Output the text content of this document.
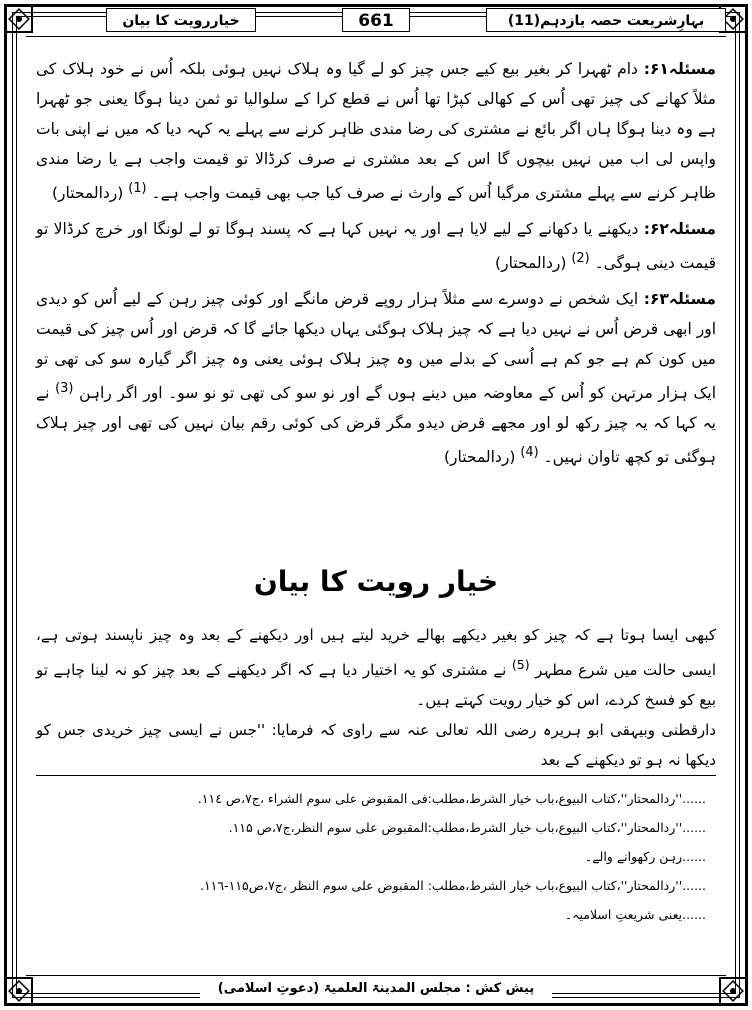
بہارِشریعت حصہ یازدہم(11)
661
خیاررویت کا بیان

مسئلہ۶۱: دام ٹھہرا کر بغیر بیع کیے جس چیز کو لے گیا وہ ہلاک نہیں ہوئی بلکہ اُس نے خود ہلاک کی مثلاً کھانے کی چیز تھی اُس کے کھالی کپڑا تھا اُس نے قطع کرا کے سلوالیا تو ثمن دینا ہوگا یعنی جو ٹھہرا ہے وہ دینا ہوگا ہاں اگر بائع نے مشتری کی رضا مندی ظاہر کرنے سے پہلے یہ کہہ دیا کہ میں نے اپنی بات واپس لی اب میں نہیں بیچوں گا اس کے بعد مشتری نے صرف کرڈالا تو قیمت واجب ہے یا رضا مندی ظاہر کرنے سے پہلے مشتری مرگیا اُس کے وارث نے صرف کیا جب بھی قیمت واجب ہے۔ $^{(1)}$ (ردالمحتار)

مسئلہ۶۲: دیکھنے یا دکھانے کے لیے لایا ہے اور یہ نہیں کہا ہے کہ پسند ہوگا تو لے لونگا اور خرچ کرڈالا تو قیمت دینی ہوگی۔ $^{(2)}$ (ردالمحتار)

مسئلہ۶۳: ایک شخص نے دوسرے سے مثلاً ہزار روپے قرض مانگے اور کوئی چیز رہن کے لیے اُس کو دیدی اور ابھی قرض اُس نے نہیں دیا ہے کہ چیز ہلاک ہوگئی یہاں دیکھا جائے گا کہ قرض اور اُس چیز کی قیمت میں کون کم ہے جو کم ہے اُسی کے بدلے میں وہ چیز ہلاک ہوئی یعنی وہ چیز اگر گیارہ سو کی تھی تو ایک ہزار مرتہن کو اُس کے معاوضہ میں دینے ہوں گے اور نو سو کی تھی تو نو سو۔ اور اگر راہن $^{(3)}$ نے یہ کہا کہ یہ چیز رکھ لو اور مجھے قرض دیدو مگر قرض کی کوئی رقم بیان نہیں کی تھی اور چیز ہلاک ہوگئی تو کچھ تاوان نہیں۔ $^{(4)}$ (ردالمحتار)

خیار رویت کا بیان

کبھی ایسا ہوتا ہے کہ چیز کو بغیر دیکھے بھالے خرید لیتے ہیں اور دیکھنے کے بعد وہ چیز ناپسند ہوتی ہے، ایسی حالت میں شرع مطہر $^{(5)}$ نے مشتری کو یہ اختیار دیا ہے کہ اگر دیکھنے کے بعد چیز کو نہ لینا چاہے تو بیع کو فسخ کردے، اس کو خیار رویت کہتے ہیں۔

دارقطنی وبیہقی ابو ہریرہ رضی اللہ تعالی عنہ سے راوی کہ فرمایا: ''جس نے ایسی چیز خریدی جس کو دیکھا نہ ہو تو دیکھنے کے بعد

......''ردالمحتار''،کتاب البیوع،باب خیار الشرط،مطلب:فی المقبوض علی سوم الشراء ،ج۷،ص ۱۱٤.
......''ردالمحتار''،کتاب البیوع،باب خیار الشرط،مطلب:المقبوض علی سوم النظر،ج۷،ص ۱۱۵.
......رہن رکھوانے والے۔
......''ردالمحتار''،کتاب البیوع،باب خیار الشرط،مطلب: المقبوض علی سوم النظر ،ج۷،ص۱۱۵-۱۱٦.
......یعنی شریعتِ اسلامیہ۔
پیش کش : مجلس المدینۃ العلمیۃ (دعوتِ اسلامی)
